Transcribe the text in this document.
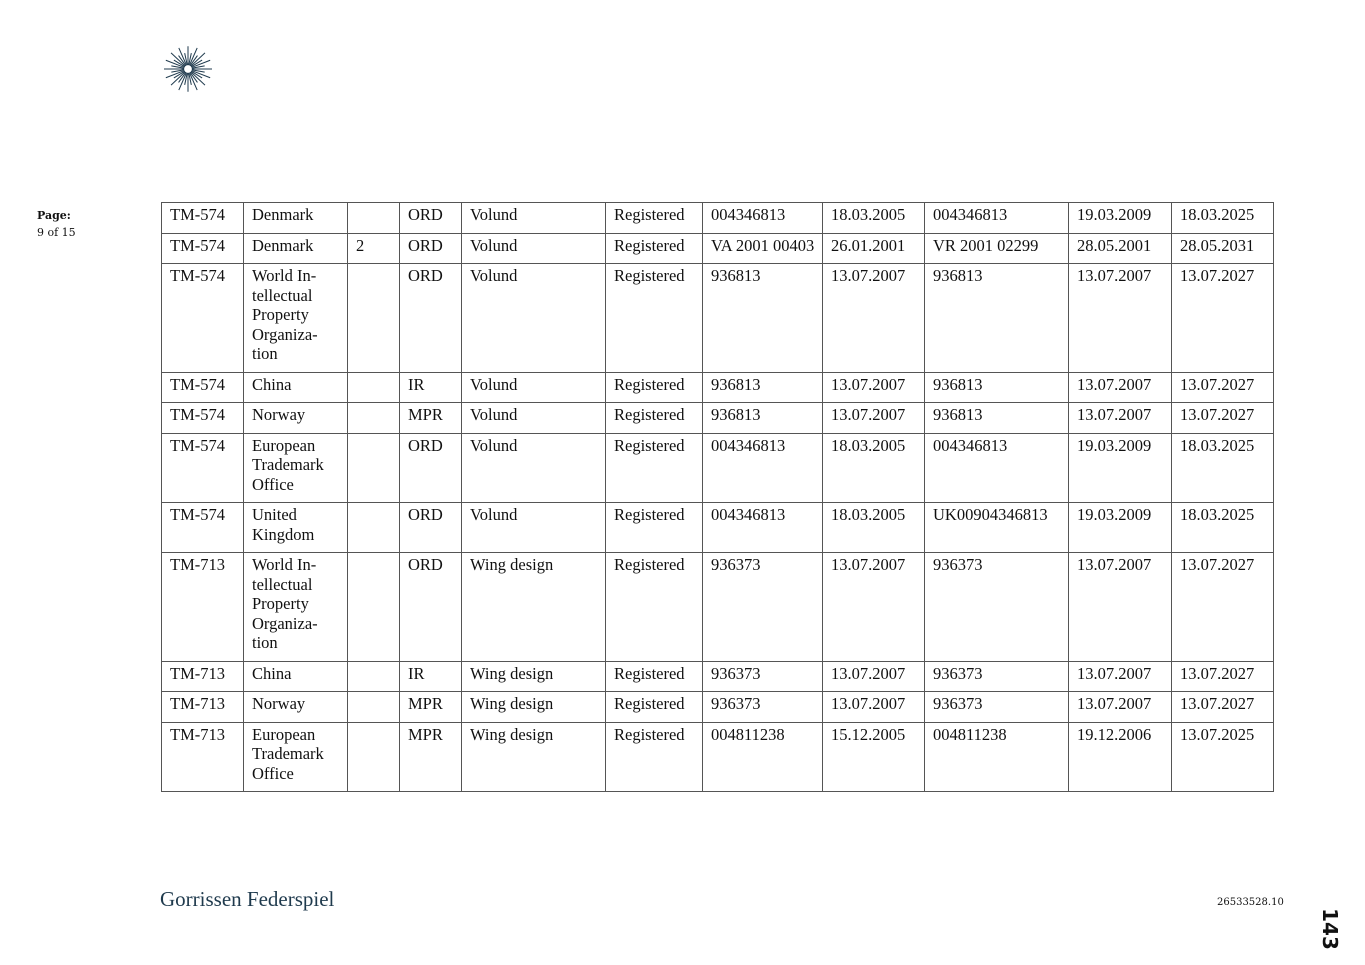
Page:
9 of 15
TM-574	Denmark		ORD	Volund	Registered	004346813	18.03.2005	004346813	19.03.2009	18.03.2025
TM-574	Denmark	2	ORD	Volund	Registered	VA 2001 00403	26.01.2001	VR 2001 02299	28.05.2001	28.05.2031
TM-574	World In-tellectual Property Organiza-tion		ORD	Volund	Registered	936813	13.07.2007	936813	13.07.2007	13.07.2027
TM-574	China		IR	Volund	Registered	936813	13.07.2007	936813	13.07.2007	13.07.2027
TM-574	Norway		MPR	Volund	Registered	936813	13.07.2007	936813	13.07.2007	13.07.2027
TM-574	European Trademark Office		ORD	Volund	Registered	004346813	18.03.2005	004346813	19.03.2009	18.03.2025
TM-574	United Kingdom		ORD	Volund	Registered	004346813	18.03.2005	UK00904346813	19.03.2009	18.03.2025
TM-713	World In-tellectual Property Organiza-tion		ORD	Wing design	Registered	936373	13.07.2007	936373	13.07.2007	13.07.2027
TM-713	China		IR	Wing design	Registered	936373	13.07.2007	936373	13.07.2007	13.07.2027
TM-713	Norway		MPR	Wing design	Registered	936373	13.07.2007	936373	13.07.2007	13.07.2027
TM-713	European Trademark Office		MPR	Wing design	Registered	004811238	15.12.2005	004811238	19.12.2006	13.07.2025
Gorrissen Federspiel	26533528.10
143
